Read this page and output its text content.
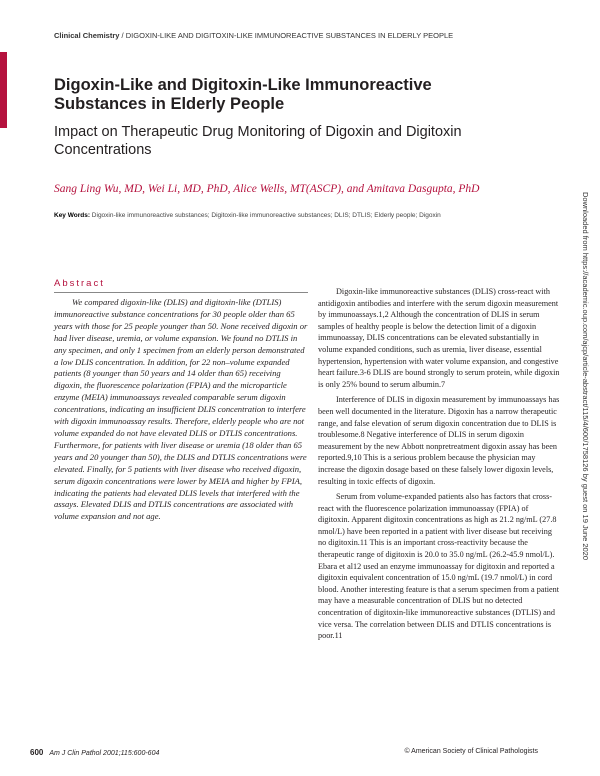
Clinical Chemistry / DIGOXIN-LIKE AND DIGITOXIN-LIKE IMMUNOREACTIVE SUBSTANCES IN ELDERLY PEOPLE
Digoxin-Like and Digitoxin-Like Immunoreactive Substances in Elderly People
Impact on Therapeutic Drug Monitoring of Digoxin and Digitoxin Concentrations

Sang Ling Wu, MD, Wei Li, MD, PhD, Alice Wells, MT(ASCP), and Amitava Dasgupta, PhD

Key Words: Digoxin-like immunoreactive substances; Digitoxin-like immunoreactive substances; DLIS; DTLIS; Elderly people; Digoxin
Abstract

We compared digoxin-like (DLIS) and digitoxin-like (DTLIS) immunoreactive substance concentrations for 30 people older than 65 years with those for 25 people younger than 50. None received digoxin or had liver disease, uremia, or volume expansion. We found no DTLIS in any specimen, and only 1 specimen from an elderly person demonstrated a low DLIS concentration. In addition, for 22 non–volume expanded patients (8 younger than 50 years and 14 older than 65) receiving digoxin, the fluorescence polarization (FPIA) and the microparticle enzyme (MEIA) immunoassays revealed comparable serum digoxin concentrations, indicating an insufficient DLIS concentration to interfere with digoxin immunoassay results. Therefore, elderly people who are not volume expanded do not have elevated DLIS or DTLIS concentrations. Furthermore, for patients with liver disease or uremia (18 older than 65 years and 20 younger than 50), the DLIS and DTLIS concentrations were elevated. Finally, for 5 patients with liver disease who received digoxin, serum digoxin concentrations were lower by MEIA and higher by FPIA, indicating the patients had elevated DLIS levels that interfered with the assays. Elevated DLIS and DTLIS concentrations are associated with volume expansion and not age.

Digoxin-like immunoreactive substances (DLIS) cross-react with antidigoxin antibodies and interfere with the serum digoxin measurement by immunoassays.1,2 Although the concentration of DLIS in serum samples of healthy people is below the detection limit of a digoxin immunoassay, DLIS concentrations can be elevated substantially in volume expanded conditions, such as uremia, liver disease, essential hypertension, hypertension with water volume expansion, and congestive heart failure.3-6 DLIS are bound strongly to serum protein, while digoxin is only 25% bound to serum albumin.7

Interference of DLIS in digoxin measurement by immunoassays has been well documented in the literature. Digoxin has a narrow therapeutic range, and false elevation of serum digoxin concentration due to DLIS is troublesome.8 Negative interference of DLIS in serum digoxin measurement by the new Abbott nonpretreatment digoxin assay has been reported.9,10 This is a serious problem because the physician may increase the digoxin dosage based on these falsely lower digoxin levels, resulting in toxic effects of digoxin.

Serum from volume-expanded patients also has factors that cross-react with the fluorescence polarization immunoassay (FPIA) of digitoxin. Apparent digitoxin concentrations as high as 21.2 ng/mL (27.8 nmol/L) have been reported in a patient with liver disease but receiving no digitoxin.11 This is an important cross-reactivity because the therapeutic range of digitoxin is 20.0 to 35.0 ng/mL (26.2-45.9 nmol/L). Ebara et al12 used an enzyme immunoassay for digitoxin and reported a digitoxin equivalent concentration of 15.0 ng/mL (19.7 nmol/L) in cord blood. Another interesting feature is that a serum specimen from a patient may have a measurable concentration of DLIS but no detected concentration of digitoxin-like immunoreactive substances (DTLIS) and vice versa. The correlation between DLIS and DTLIS concentrations is poor.11

600 Am J Clin Pathol 2001;115:600-604	© American Society of Clinical Pathologists
Downloaded from https://academic.oup.com/ajcp/article-abstract/115/4/600/1758126 by guest on 19 June 2020
